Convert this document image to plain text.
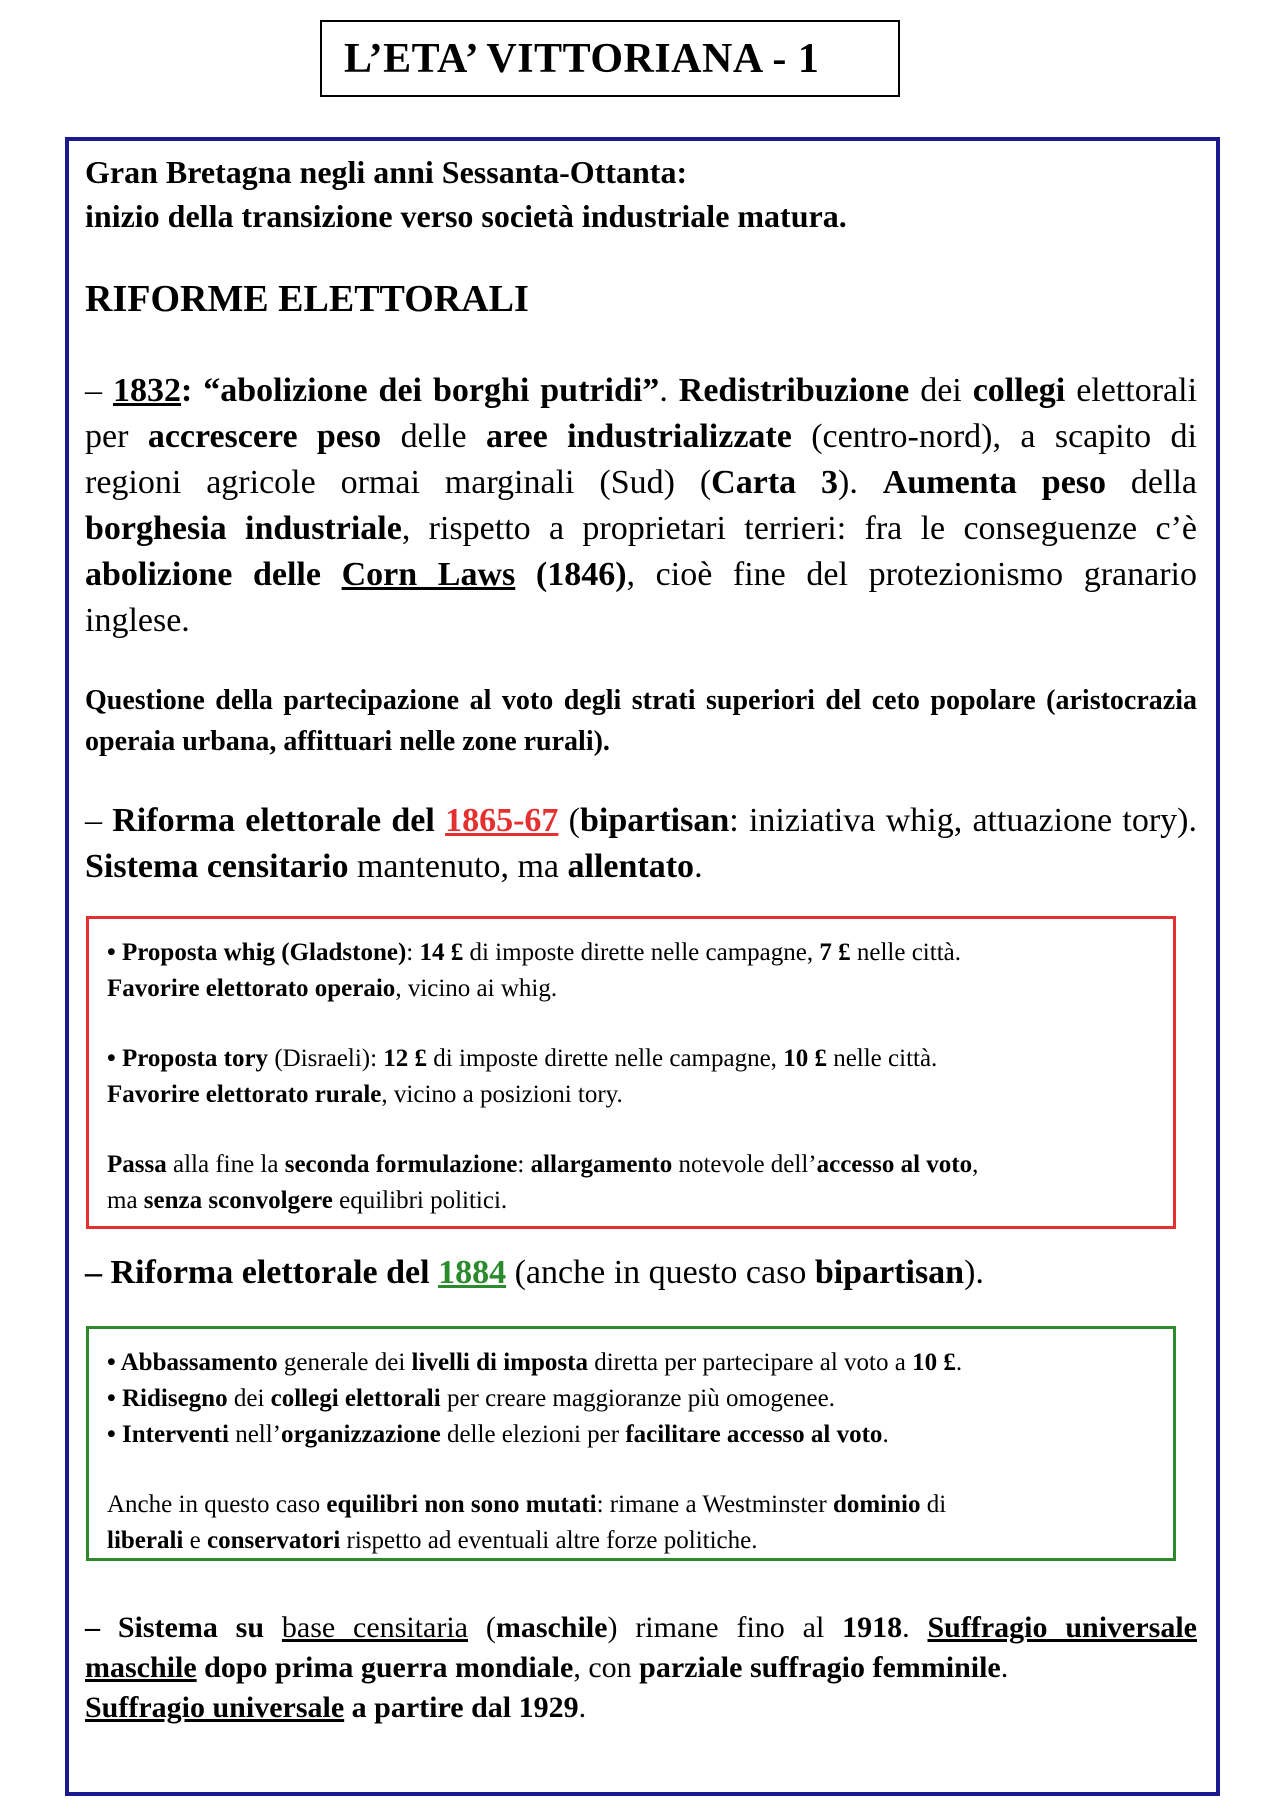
L’ETA’ VITTORIANA - 1
Gran Bretagna negli anni Sessanta-Ottanta:
inizio della transizione verso società industriale matura.
RIFORME ELETTORALI
– 1832: “abolizione dei borghi putridi”. Redistribuzione dei collegi elettorali per accrescere peso delle aree industrializzate (centro-nord), a scapito di regioni agricole ormai marginali (Sud) (Carta 3). Aumenta peso della borghesia industriale, rispetto a proprietari terrieri: fra le conseguenze c’è abolizione delle Corn Laws (1846), cioè fine del protezionismo granario inglese.
Questione della partecipazione al voto degli strati superiori del ceto popolare (aristocrazia operaia urbana, affittuari nelle zone rurali).
– Riforma elettorale del 1865-67 (bipartisan: iniziativa whig, attuazione tory). Sistema censitario mantenuto, ma allentato.
• Proposta whig (Gladstone): 14 £ di imposte dirette nelle campagne, 7 £ nelle città.
Favorire elettorato operaio, vicino ai whig.
• Proposta tory (Disraeli): 12 £ di imposte dirette nelle campagne, 10 £ nelle città.
Favorire elettorato rurale, vicino a posizioni tory.
Passa alla fine la seconda formulazione: allargamento notevole dell’accesso al voto,
ma senza sconvolgere equilibri politici.
– Riforma elettorale del 1884 (anche in questo caso bipartisan).
• Abbassamento generale dei livelli di imposta diretta per partecipare al voto a 10 £.
• Ridisegno dei collegi elettorali per creare maggioranze più omogenee.
• Interventi nell’organizzazione delle elezioni per facilitare accesso al voto.
Anche in questo caso equilibri non sono mutati: rimane a Westminster dominio di
liberali e conservatori rispetto ad eventuali altre forze politiche.
– Sistema su base censitaria (maschile) rimane fino al 1918. Suffragio universale maschile dopo prima guerra mondiale, con parziale suffragio femminile.
Suffragio universale a partire dal 1929.
